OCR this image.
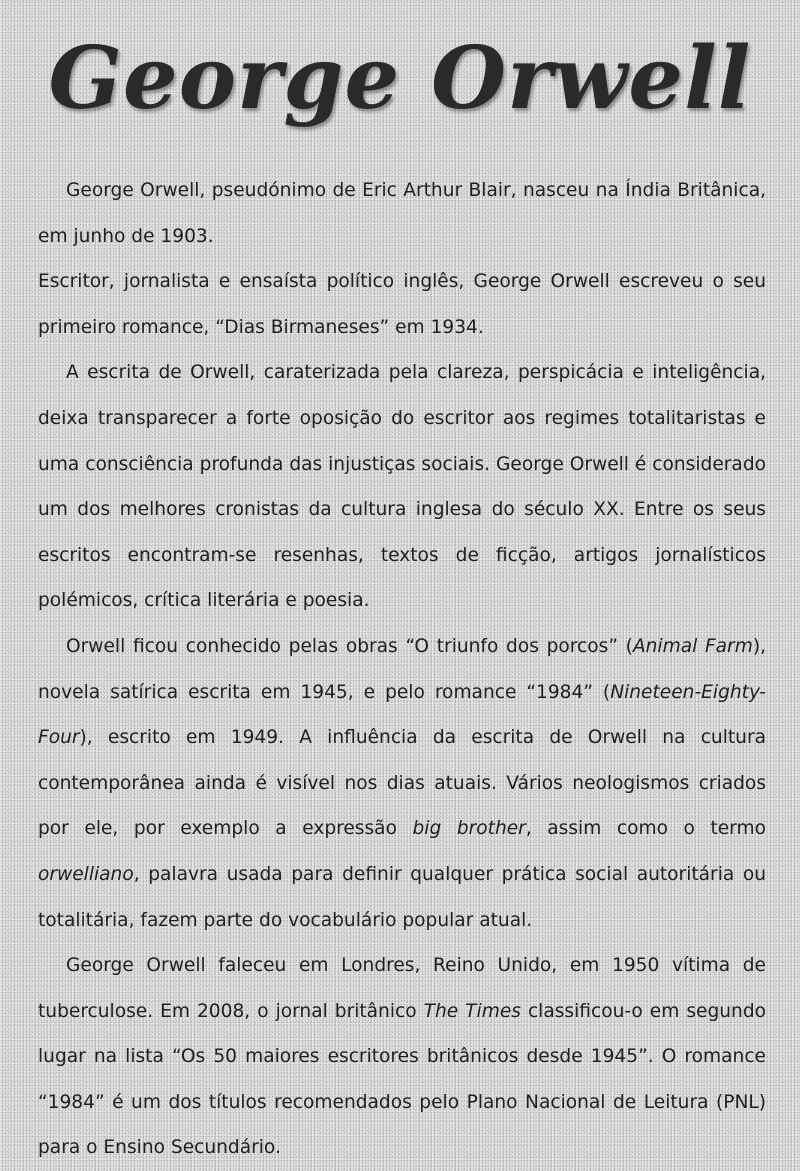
George Orwell

George Orwell, pseudónimo de Eric Arthur Blair, nasceu na Índia Britânica, em junho de 1903.

Escritor, jornalista e ensaísta político inglês, George Orwell escreveu o seu primeiro romance, “Dias Birmaneses” em 1934.

A escrita de Orwell, caraterizada pela clareza, perspicácia e inteligência, deixa transparecer a forte oposição do escritor aos regimes totalitaristas e uma consciência profunda das injustiças sociais. George Orwell é considerado um dos melhores cronistas da cultura inglesa do século XX. Entre os seus escritos encontram-se resenhas, textos de ficção, artigos jornalísticos polémicos, crítica literária e poesia.

Orwell ficou conhecido pelas obras “O triunfo dos porcos” (Animal Farm), novela satírica escrita em 1945, e pelo romance “1984” (Nineteen-Eighty-Four), escrito em 1949. A influência da escrita de Orwell na cultura contemporânea ainda é visível nos dias atuais. Vários neologismos criados por ele, por exemplo a expressão big brother, assim como o termo orwelliano, palavra usada para definir qualquer prática social autoritária ou totalitária, fazem parte do vocabulário popular atual.

George Orwell faleceu em Londres, Reino Unido, em 1950 vítima de tuberculose. Em 2008, o jornal britânico The Times classificou-o em segundo lugar na lista “Os 50 maiores escritores britânicos desde 1945”. O romance “1984” é um dos títulos recomendados pelo Plano Nacional de Leitura (PNL) para o Ensino Secundário.
